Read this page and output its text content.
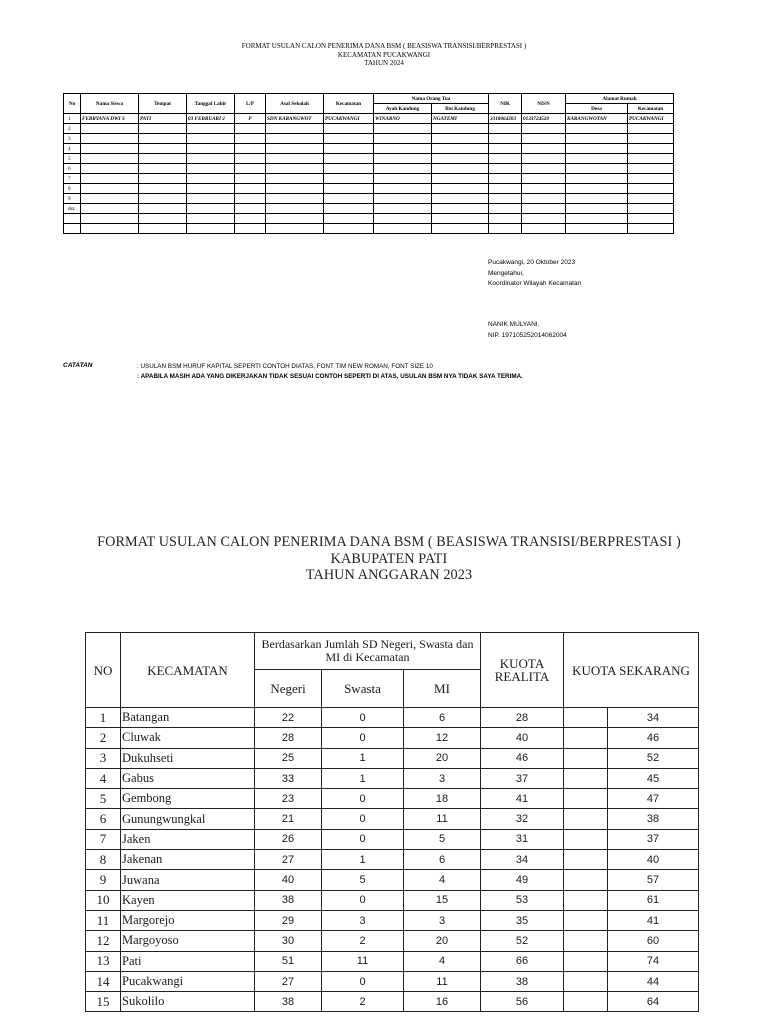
FORMAT USULAN CALON PENERIMA DANA BSM ( BEASISWA TRANSISI/BERPRESTASI )
KECAMATAN PUCAKWANGI
TAHUN 2024
No	Nama Siswa	Tempat	Tanggal Lahir	L/P	Asal Sekolah	Kecamatan	Nama Orang Tua		NIK	NISN	Alamat Rumah	
							Ayah Kandung	Ibu Kandung			Desa	Kecamatan
1	FEBRYANA DWI S	PATI	03 FEBRUARI 2	P	SDN KARANGWOT	PUCAKWANGI	WINARNO	NGATEMI	3318064303	0133724520	KARANGWOTAN	PUCAKWANGI
2												
3												
4												
5												
6												
7												
8												
9												
dst.												

Pucakwangi, 20 Oktober 2023
Mengetahui,
Koordinator Wilayah Kecamatan
NANIK MULYANI,
NIP. 197105252014062004
CATATAN	: USULAN BSM HURUF KAPITAL SEPERTI CONTOH DIATAS, FONT TIM NEW ROMAN, FONT SIZE 10
: APABILA MASIH ADA YANG DIKERJAKAN TIDAK SESUAI CONTOH SEPERTI DI ATAS, USULAN BSM NYA TIDAK SAYA TERIMA.
FORMAT USULAN CALON PENERIMA DANA BSM ( BEASISWA TRANSISI/BERPRESTASI )
KABUPATEN PATI
TAHUN ANGGARAN 2023
NO	KECAMATAN	Berdasarkan Jumlah SD Negeri, Swasta dan MI di Kecamatan			KUOTA REALITA	KUOTA SEKARANG	
		Negeri	Swasta	MI			
1	Batangan	22	0	6	28		34
2	Cluwak	28	0	12	40		46
3	Dukuhseti	25	1	20	46		52
4	Gabus	33	1	3	37		45
5	Gembong	23	0	18	41		47
6	Gunungwungkal	21	0	11	32		38
7	Jaken	26	0	5	31		37
8	Jakenan	27	1	6	34		40
9	Juwana	40	5	4	49		57
10	Kayen	38	0	15	53		61
11	Margorejo	29	3	3	35		41
12	Margoyoso	30	2	20	52		60
13	Pati	51	11	4	66		74
14	Pucakwangi	27	0	11	38		44
15	Sukolilo	38	2	16	56		64
